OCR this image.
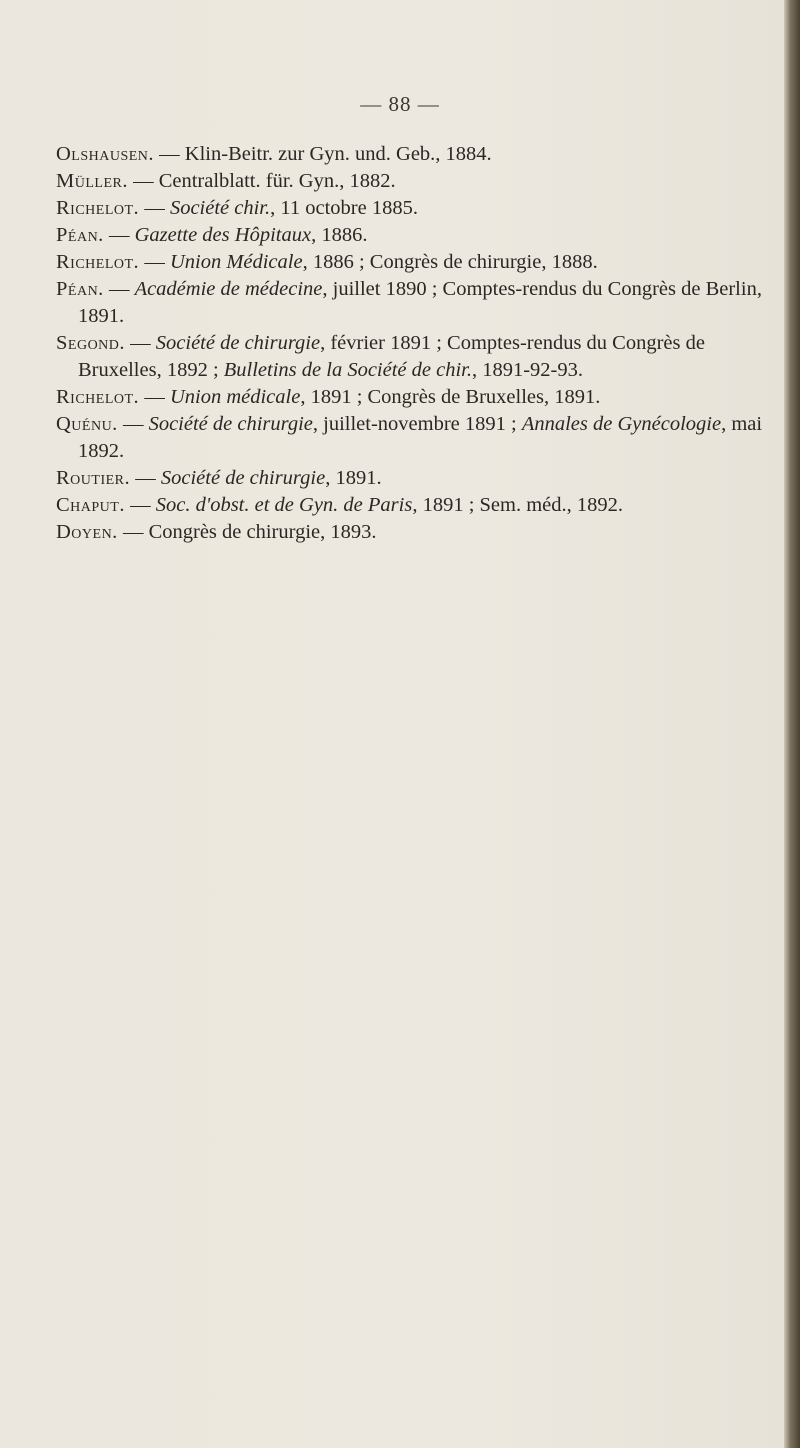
— 88 —
Olshausen. — Klin-Beitr. zur Gyn. und. Geb., 1884.
Müller. — Centralblatt. für. Gyn., 1882.
Richelot. — Société chir., 11 octobre 1885.
Péan. — Gazette des Hôpitaux, 1886.
Richelot. — Union Médicale, 1886 ; Congrès de chirurgie, 1888.
Péan. — Académie de médecine, juillet 1890 ; Comptes-rendus du Congrès de Berlin, 1891.
Segond. — Société de chirurgie, février 1891 ; Comptes-rendus du Congrès de Bruxelles, 1892 ; Bulletins de la Société de chir., 1891-92-93.
Richelot. — Union médicale, 1891 ; Congrès de Bruxelles, 1891.
Quénu. — Société de chirurgie, juillet-novembre 1891 ; Annales de Gynécologie, mai 1892.
Routier. — Société de chirurgie, 1891.
Chaput. — Soc. d'obst. et de Gyn. de Paris, 1891 ; Sem. méd., 1892.
Doyen. — Congrès de chirurgie, 1893.
